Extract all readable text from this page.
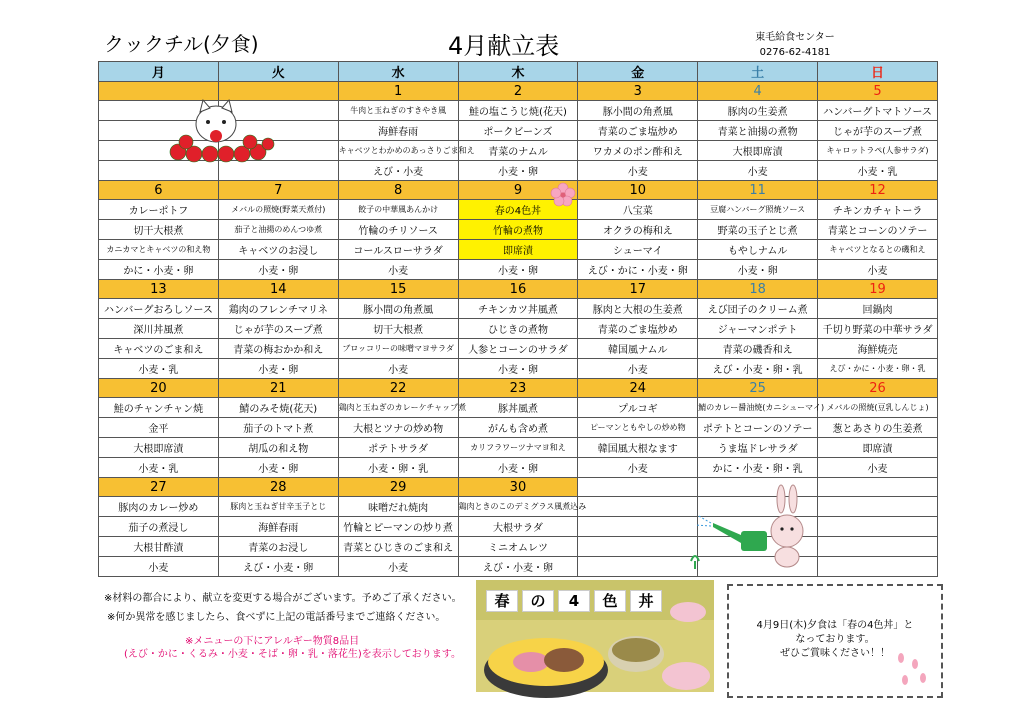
クックチル(夕食)	4月献立表	東毛給食センター
0276-62-4181
月	火	水	木	金	土	日
		1	2	3	4	5
		牛肉と玉ねぎのすきやき風	鮭の塩こうじ焼(花天)	豚小間の角煮風	豚肉の生姜煮	ハンバーグトマトソース
		海鮮春雨	ポークビーンズ	青菜のごま塩炒め	青菜と油揚の煮物	じゃが芋のスープ煮
		キャベツとわかめのあっさりごま和え	青菜のナムル	ワカメのポン酢和え	大根即席漬	キャロットラペ(人参サラダ)
		えび・小麦	小麦・卵	小麦	小麦	小麦・乳
6	7	8	9	10	11	12
カレーポトフ	メバルの照焼(野菜天煮付)	餃子の中華風あんかけ	春の4色丼	八宝菜	豆腐ハンバーグ照焼ソース	チキンカチャトーラ
切干大根煮	茄子と油揚のめんつゆ煮	竹輪のチリソース	竹輪の煮物	オクラの梅和え	野菜の玉子とじ煮	青菜とコーンのソテー
カニカマとキャベツの和え物	キャベツのお浸し	コールスローサラダ	即席漬	シューマイ	もやしナムル	キャベツとなるとの磯和え
かに・小麦・卵	小麦・卵	小麦	小麦・卵	えび・かに・小麦・卵	小麦・卵	小麦
13	14	15	16	17	18	19
ハンバーグおろしソース	鶏肉のフレンチマリネ	豚小間の角煮風	チキンカツ丼風煮	豚肉と大根の生姜煮	えび団子のクリーム煮	回鍋肉
深川丼風煮	じゃが芋のスープ煮	切干大根煮	ひじきの煮物	青菜のごま塩炒め	ジャーマンポテト	千切り野菜の中華サラダ
キャベツのごま和え	青菜の梅おかか和え	ブロッコリーの味噌マヨサラダ	人参とコーンのサラダ	韓国風ナムル	青菜の磯香和え	海鮮焼売
小麦・乳	小麦・卵	小麦	小麦・卵	小麦	えび・小麦・卵・乳	えび・かに・小麦・卵・乳
20	21	22	23	24	25	26
鮭のチャンチャン焼	鯖のみそ焼(花天)	鶏肉と玉ねぎのカレーケチャップ煮	豚丼風煮	プルコギ	鯖のカレー醤油焼(カニシューマイ)	メバルの照焼(豆乳しんじょ)
金平	茄子のトマト煮	大根とツナの炒め物	がんも含め煮	ピーマンともやしの炒め物	ポテトとコーンのソテー	葱とあさりの生姜煮
大根即席漬	胡瓜の和え物	ポテトサラダ	カリフラワーツナマヨ和え	韓国風大根なます	うま塩ドレサラダ	即席漬
小麦・乳	小麦・卵	小麦・卵・乳	小麦・卵	小麦	かに・小麦・卵・乳	小麦
27	28	29	30			
豚肉のカレー炒め	豚肉と玉ねぎ甘辛玉子とじ	味噌だれ焼肉	鶏肉ときのこのデミグラス風煮込み			
茄子の煮浸し	海鮮春雨	竹輪とピーマンの炒り煮	大根サラダ			
大根甘酢漬	青菜のお浸し	青菜とひじきのごま和え	ミニオムレツ			
小麦	えび・小麦・卵	小麦	えび・小麦・卵			
※材料の都合により、献立を変更する場合がございます。予めご了承ください。
※何か異常を感じましたら、食べずに上記の電話番号までご連絡ください。
※メニューの下にアレルギー物質8品目
(えび・かに・くるみ・小麦・そば・卵・乳・落花生)を表示しております。
春	の	4	色	丼
4月9日(木)夕食は「春の4色丼」と
なっております。
ぜひご賞味ください！！
